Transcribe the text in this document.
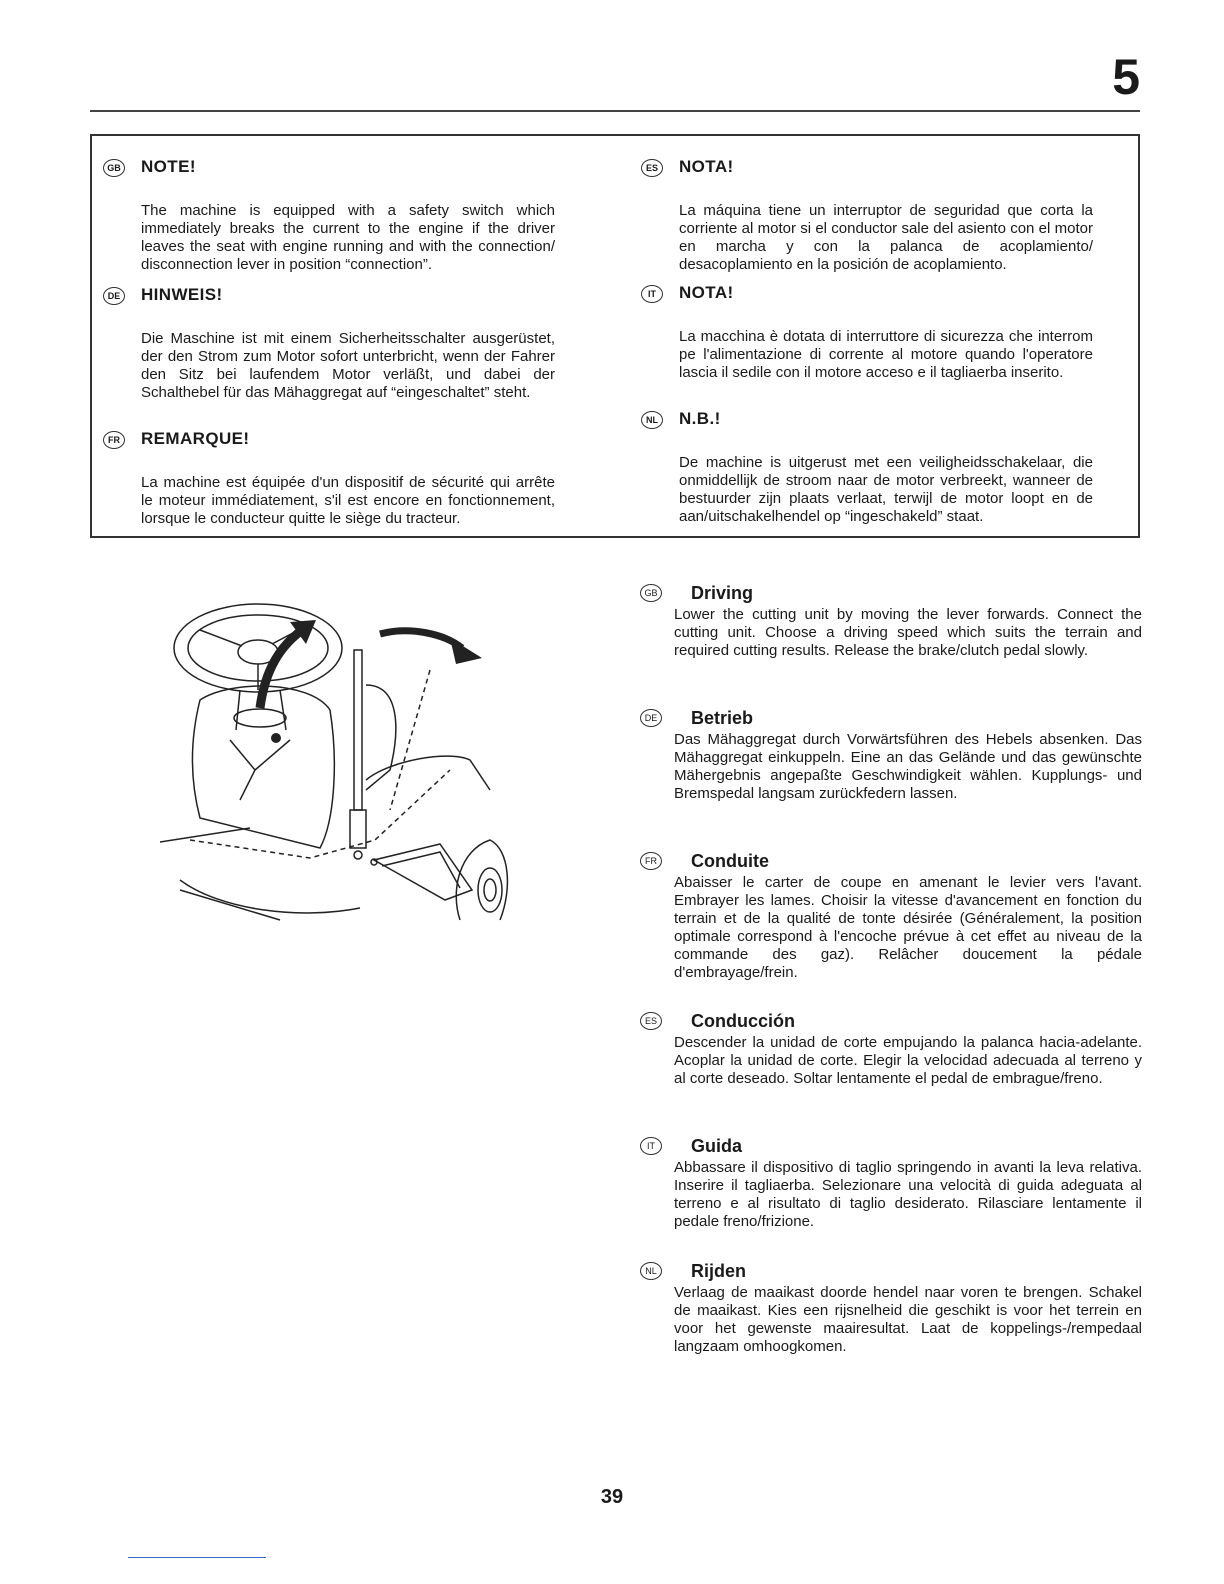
5
GB NOTE!

The machine is equipped with a safety switch which immediately breaks the current to the engine if the driver leaves the seat with engine running and with the connection/ disconnection lever in position “connection”.

DE HINWEIS!

Die Maschine ist mit einem Sicherheitsschalter ausgerüstet, der den Strom zum Motor sofort unterbricht, wenn der Fahrer den Sitz bei laufendem Motor verläßt, und dabei der Schalthebel für das Mähaggregat auf “eingeschaltet” steht.

FR REMARQUE!

La machine est équipée d'un dispositif de sécurité qui arrête le moteur immédiatement, s'il est encore en fonctionnement, lorsque le conducteur quitte le siège du tracteur.

ES NOTA!

La máquina tiene un interruptor de seguridad que corta la corriente al motor si el conductor sale del asiento con el motor en marcha y con la palanca de acoplamiento/ desacoplamiento en la posición de acoplamiento.

IT	NOTA!

La macchina è dotata di interruttore di sicurezza che interrom pe l'alimentazione di corrente al motore quando l'operatore lascia il sedile con il motore acceso e il tagliaerba inserito.

NL N.B.!

De machine is uitgerust met een veiligheidsschakelaar, die onmiddellijk de stroom naar de motor verbreekt, wanneer de bestuurder zijn plaats verlaat, terwijl de motor loopt en de aan/uitschakelhendel op “ingeschakeld” staat.

GB Driving

Lower the cutting unit by moving the lever forwards. Connect the cutting unit. Choose a driving speed which suits the terrain and required cutting results. Release the brake/clutch pedal slowly.

DE Betrieb

Das Mähaggregat durch Vorwärtsführen des Hebels absenken. Das Mähaggregat einkuppeln. Eine an das Gelände und das gewünschte Mähergebnis angepaßte Geschwindigkeit wählen. Kupplungs- und Bremspedal langsam zurückfedern lassen.

FR Conduite

Abaisser le carter de coupe en amenant le levier vers l'avant. Embrayer les lames. Choisir la vitesse d'avancement en fonction du terrain et de la qualité de tonte désirée (Généralement, la position optimale correspond à l'encoche prévue à cet effet au niveau de la commande des gaz). Relâcher doucement la pédale d'embrayage/frein.

ES Conducción

Descender la unidad de corte empujando la palanca hacia-adelante. Acoplar la unidad de corte. Elegir la velocidad adecuada al terreno y al corte deseado. Soltar lentamente el pedal de embrague/freno.

IT	Guida

Abbassare il dispositivo di taglio springendo in avanti la leva relativa. Inserire il tagliaerba. Selezionare una velocità di guida adeguata al terreno e al risultato di taglio desiderato. Rilasciare lentamente il pedale freno/frizione.

NL Rijden

Verlaag de maaikast doorde hendel naar voren te brengen. Schakel de maaikast. Kies een rijsnelheid die geschikt is voor het terrein en voor het gewenste maairesultat. Laat de koppelings-/rempedaal langzaam omhoogkomen.

39
